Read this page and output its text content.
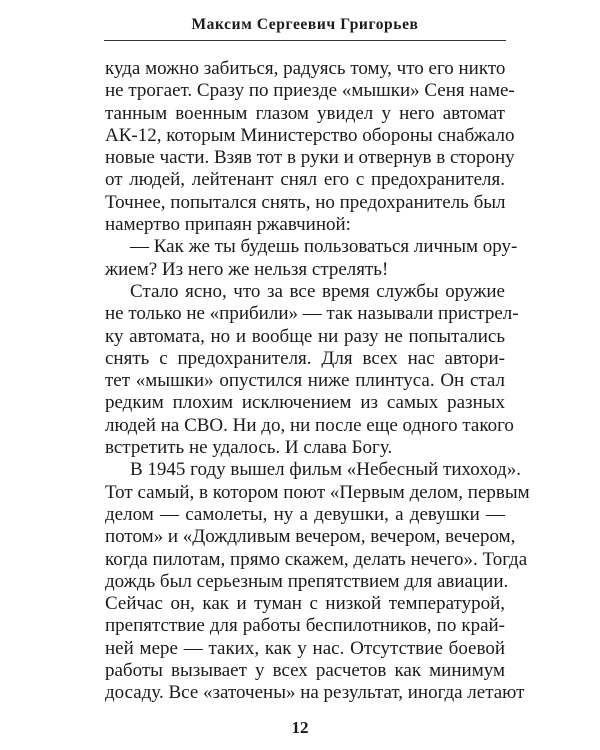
Максим Сергеевич Григорьев
куда можно забиться, радуясь тому, что его никто
не трогает. Сразу по приезде «мышки» Сеня наме-
танным военным глазом увидел у него автомат
АК-12, которым Министерство обороны снабжало
новые части. Взяв тот в руки и отвернув в сторону
от людей, лейтенант снял его с предохранителя.
Точнее, попытался снять, но предохранитель был
намертво припаян ржавчиной:
— Как же ты будешь пользоваться личным ору-
жием? Из него же нельзя стрелять!
Стало ясно, что за все время службы оружие
не только не «прибили» — так называли пристрел-
ку автомата, но и вообще ни разу не попытались
снять с предохранителя. Для всех нас автори-
тет «мышки» опустился ниже плинтуса. Он стал
редким плохим исключением из самых разных
людей на СВО. Ни до, ни после еще одного такого
встретить не удалось. И слава Богу.
В 1945 году вышел фильм «Небесный тихоход».
Тот самый, в котором поют «Первым делом, первым
делом — самолеты, ну а девушки, а девушки —
потом» и «Дождливым вечером, вечером, вечером,
когда пилотам, прямо скажем, делать нечего». Тогда
дождь был серьезным препятствием для авиации.
Сейчас он, как и туман с низкой температурой,
препятствие для работы беспилотников, по край-
ней мере — таких, как у нас. Отсутствие боевой
работы вызывает у всех расчетов как минимум
досаду. Все «заточены» на результат, иногда летают
12
